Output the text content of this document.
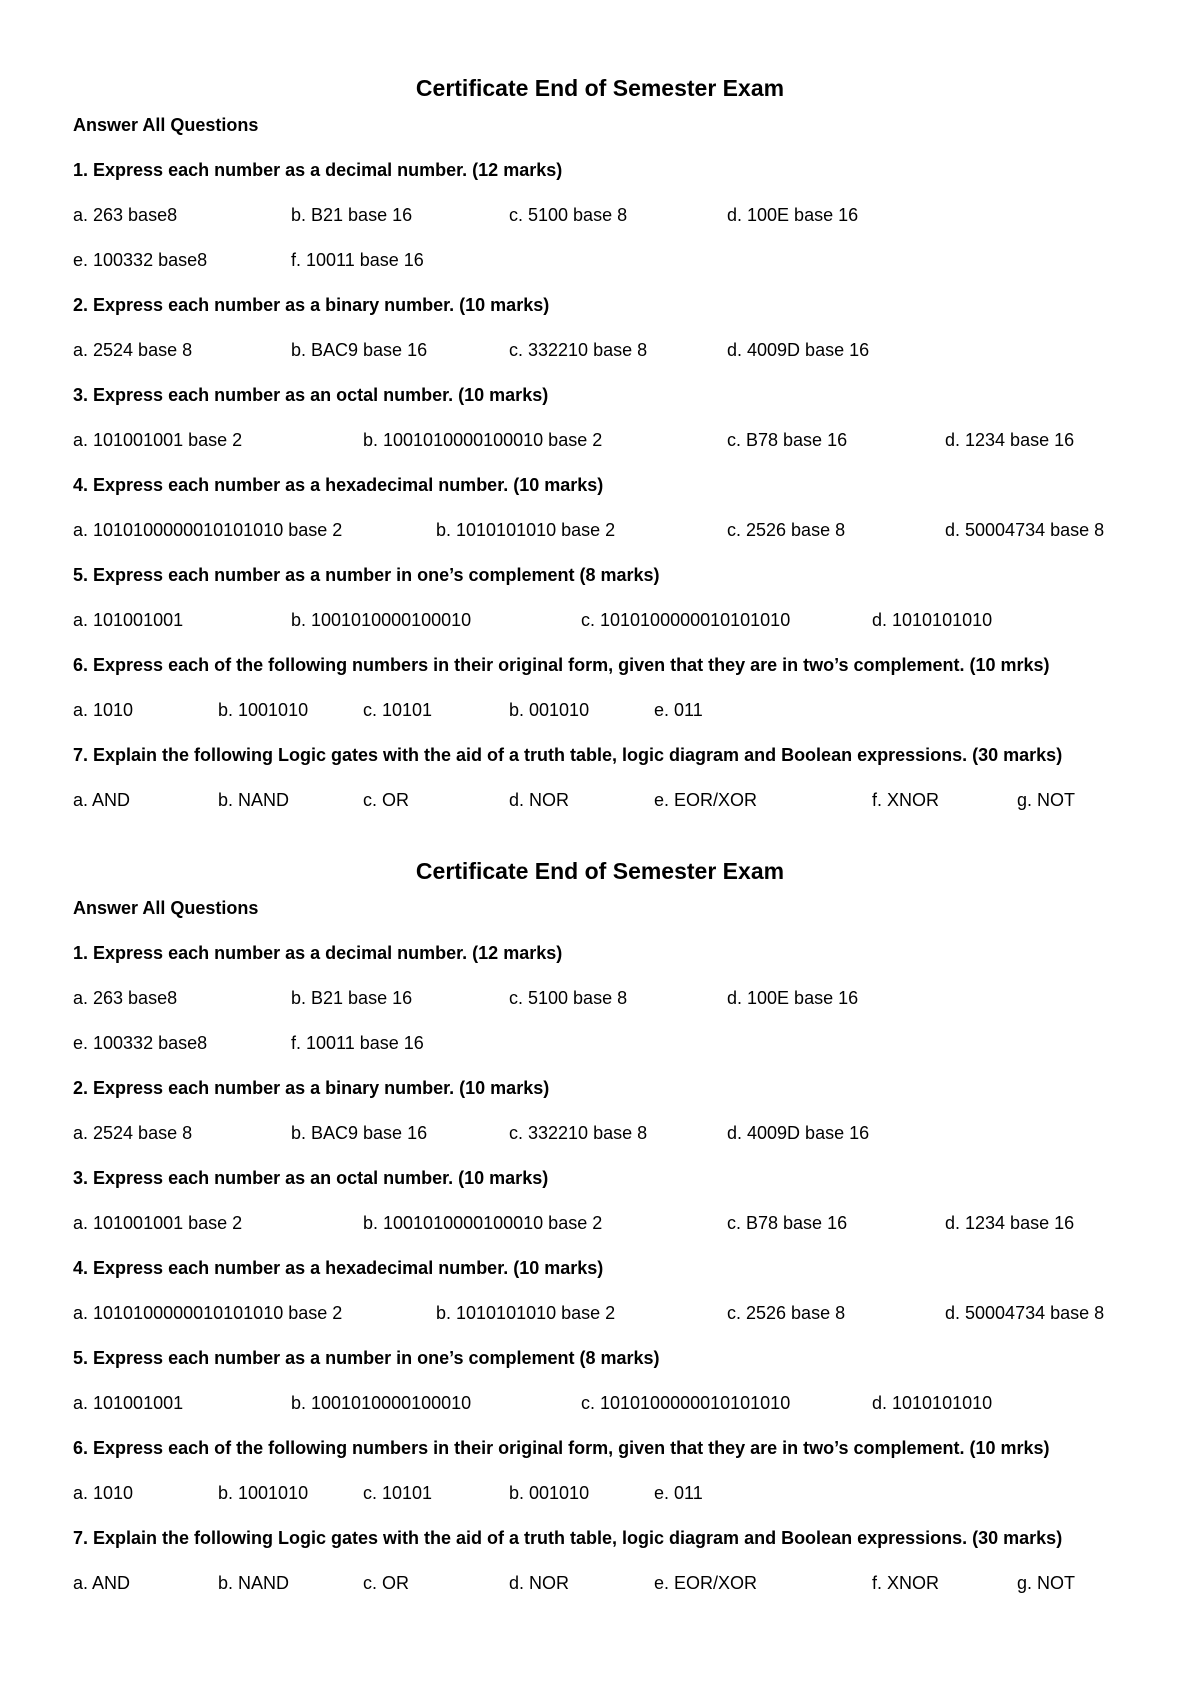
Certificate End of Semester Exam
Answer All Questions
1. Express each number as a decimal number. (12 marks)
a. 263 base8	b. B21 base 16	c. 5100 base 8	d. 100E base 16
e. 100332 base8	f. 10011 base 16
2. Express each number as a binary number. (10 marks)
a. 2524 base 8	b. BAC9 base 16	c. 332210 base 8	d. 4009D base 16
3. Express each number as an octal number. (10 marks)
a. 101001001 base 2	b. 1001010000100010 base 2	c. B78 base 16	d. 1234 base 16
4. Express each number as a hexadecimal number. (10 marks)
a. 1010100000010101010 base 2	b. 1010101010 base 2	c. 2526 base 8	d. 50004734 base 8
5. Express each number as a number in one’s complement (8 marks)
a. 101001001	b. 1001010000100010	c. 1010100000010101010	d. 1010101010
6. Express each of the following numbers in their original form, given that they are in two’s complement. (10 mrks)
a. 1010	b. 1001010	c. 10101	b. 001010	e. 011
7. Explain the following Logic gates with the aid of a truth table, logic diagram and Boolean expressions. (30 marks)
a. AND	b. NAND	c. OR	d. NOR	e. EOR/XOR	f. XNOR	g. NOT
Certificate End of Semester Exam
Answer All Questions
1. Express each number as a decimal number. (12 marks)
a. 263 base8	b. B21 base 16	c. 5100 base 8	d. 100E base 16
e. 100332 base8	f. 10011 base 16
2. Express each number as a binary number. (10 marks)
a. 2524 base 8	b. BAC9 base 16	c. 332210 base 8	d. 4009D base 16
3. Express each number as an octal number. (10 marks)
a. 101001001 base 2	b. 1001010000100010 base 2	c. B78 base 16	d. 1234 base 16
4. Express each number as a hexadecimal number. (10 marks)
a. 1010100000010101010 base 2	b. 1010101010 base 2	c. 2526 base 8	d. 50004734 base 8
5. Express each number as a number in one’s complement (8 marks)
a. 101001001	b. 1001010000100010	c. 1010100000010101010	d. 1010101010
6. Express each of the following numbers in their original form, given that they are in two’s complement. (10 mrks)
a. 1010	b. 1001010	c. 10101	b. 001010	e. 011
7. Explain the following Logic gates with the aid of a truth table, logic diagram and Boolean expressions. (30 marks)
a. AND	b. NAND	c. OR	d. NOR	e. EOR/XOR	f. XNOR	g. NOT
